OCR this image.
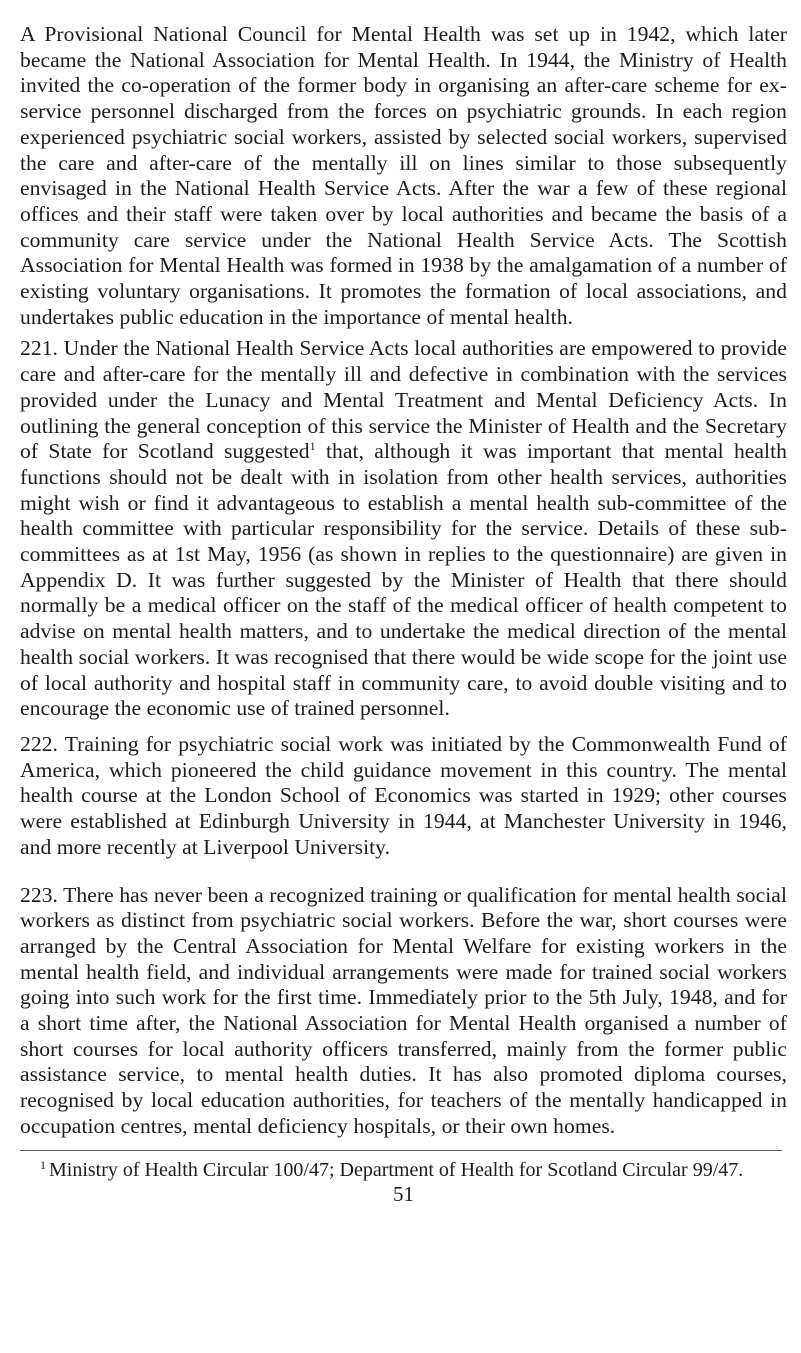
A Provisional National Council for Mental Health was set up in 1942, which later became the National Association for Mental Health. In 1944, the Ministry of Health invited the co-operation of the former body in organising an after-care scheme for ex-service personnel discharged from the forces on psychiatric grounds. In each region experienced psychiatric social workers, assisted by selected social workers, supervised the care and after-care of the mentally ill on lines similar to those subsequently envisaged in the National Health Service Acts. After the war a few of these regional offices and their staff were taken over by local authorities and became the basis of a community care service under the National Health Service Acts. The Scottish Association for Mental Health was formed in 1938 by the amalgamation of a number of existing voluntary organisations. It promotes the formation of local associations, and undertakes public education in the importance of mental health.

221. Under the National Health Service Acts local authorities are empowered to provide care and after-care for the mentally ill and defective in combination with the services provided under the Lunacy and Mental Treatment and Mental Deficiency Acts. In outlining the general conception of this service the Minister of Health and the Secretary of State for Scotland suggested$^1$ that, although it was important that mental health functions should not be dealt with in isolation from other health services, authorities might wish or find it advantageous to establish a mental health sub-committee of the health committee with particular responsibility for the service. Details of these sub-committees as at 1st May, 1956 (as shown in replies to the questionnaire) are given in Appendix D. It was further suggested by the Minister of Health that there should normally be a medical officer on the staff of the medical officer of health competent to advise on mental health matters, and to undertake the medical direction of the mental health social workers. It was recognised that there would be wide scope for the joint use of local authority and hospital staff in community care, to avoid double visiting and to encourage the economic use of trained personnel.

222. Training for psychiatric social work was initiated by the Commonwealth Fund of America, which pioneered the child guidance movement in this country. The mental health course at the London School of Economics was started in 1929; other courses were established at Edinburgh University in 1944, at Manchester University in 1946, and more recently at Liverpool University.

223. There has never been a recognized training or qualification for mental health social workers as distinct from psychiatric social workers. Before the war, short courses were arranged by the Central Association for Mental Welfare for existing workers in the mental health field, and individual arrangements were made for trained social workers going into such work for the first time. Immediately prior to the 5th July, 1948, and for a short time after, the National Association for Mental Health organised a number of short courses for local authority officers transferred, mainly from the former public assistance service, to mental health duties. It has also promoted diploma courses, recognised by local education authorities, for teachers of the mentally handicapped in occupation centres, mental deficiency hospitals, or their own homes.

$^1$ Ministry of Health Circular 100/47; Department of Health for Scotland Circular 99/47.

51
